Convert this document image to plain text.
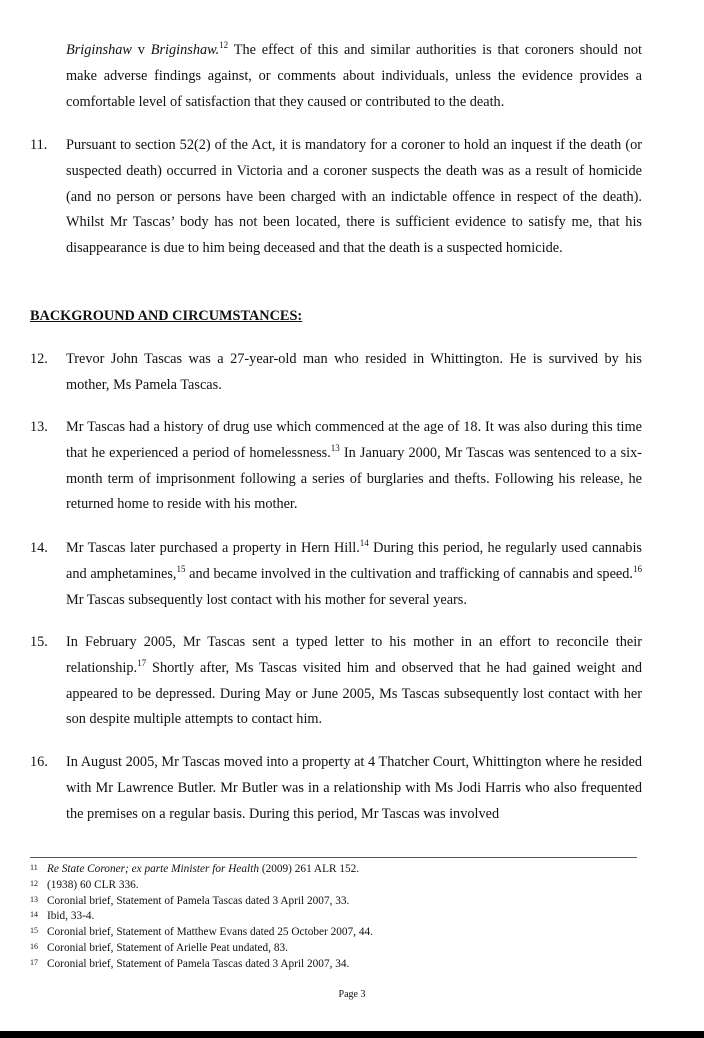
Briginshaw v Briginshaw.$^{12}$ The effect of this and similar authorities is that coroners should not make adverse findings against, or comments about individuals, unless the evidence provides a comfortable level of satisfaction that they caused or contributed to the death.
11.	Pursuant to section 52(2) of the Act, it is mandatory for a coroner to hold an inquest if the death (or suspected death) occurred in Victoria and a coroner suspects the death was as a result of homicide (and no person or persons have been charged with an indictable offence in respect of the death). Whilst Mr Tascas’ body has not been located, there is sufficient evidence to satisfy me, that his disappearance is due to him being deceased and that the death is a suspected homicide.
BACKGROUND AND CIRCUMSTANCES:
12.	Trevor John Tascas was a 27-year-old man who resided in Whittington. He is survived by his mother, Ms Pamela Tascas.
13.	Mr Tascas had a history of drug use which commenced at the age of 18. It was also during this time that he experienced a period of homelessness.$^{13}$ In January 2000, Mr Tascas was sentenced to a six-month term of imprisonment following a series of burglaries and thefts. Following his release, he returned home to reside with his mother.
14.	Mr Tascas later purchased a property in Hern Hill.$^{14}$ During this period, he regularly used cannabis and amphetamines,$^{15}$ and became involved in the cultivation and trafficking of cannabis and speed.$^{16}$ Mr Tascas subsequently lost contact with his mother for several years.
15.	In February 2005, Mr Tascas sent a typed letter to his mother in an effort to reconcile their relationship.$^{17}$ Shortly after, Ms Tascas visited him and observed that he had gained weight and appeared to be depressed. During May or June 2005, Ms Tascas subsequently lost contact with her son despite multiple attempts to contact him.
16.	In August 2005, Mr Tascas moved into a property at 4 Thatcher Court, Whittington where he resided with Mr Lawrence Butler. Mr Butler was in a relationship with Ms Jodi Harris who also frequented the premises on a regular basis. During this period, Mr Tascas was involved
11 Re State Coroner; ex parte Minister for Health (2009) 261 ALR 152.
12 (1938) 60 CLR 336.
13 Coronial brief, Statement of Pamela Tascas dated 3 April 2007, 33.
14 Ibid, 33-4.
15 Coronial brief, Statement of Matthew Evans dated 25 October 2007, 44.
16 Coronial brief, Statement of Arielle Peat undated, 83.
17 Coronial brief, Statement of Pamela Tascas dated 3 April 2007, 34.
Page 3
